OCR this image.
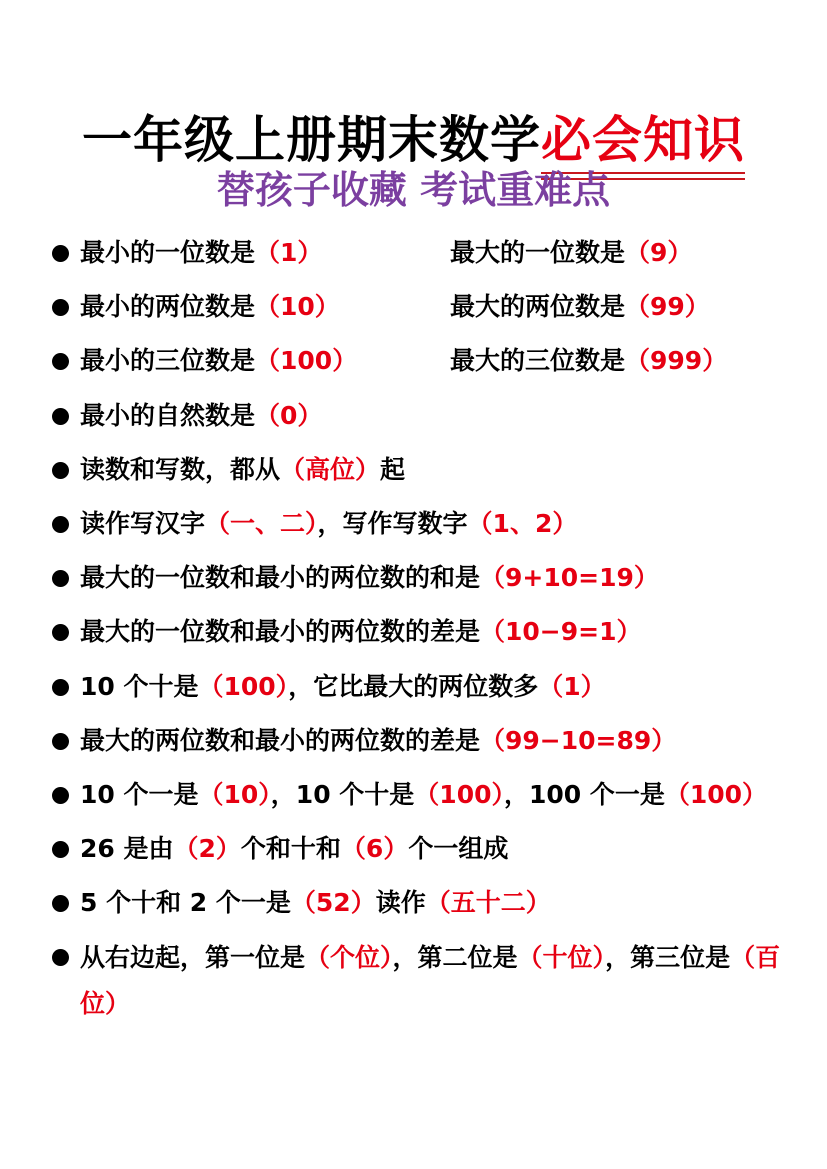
一年级上册期末数学必会知识
替孩子收藏 考试重难点
最小的一位数是（1）	最大的一位数是（9）
最小的两位数是（10）	最大的两位数是（99）
最小的三位数是（100）	最大的三位数是（999）
最小的自然数是（0）
读数和写数，都从（高位）起
读作写汉字（一、二），写作写数字（1、2）
最大的一位数和最小的两位数的和是（9+10=19）
最大的一位数和最小的两位数的差是（10−9=1）
10 个十是（100），它比最大的两位数多（1）
最大的两位数和最小的两位数的差是（99−10=89）
10 个一是（10），10 个十是（100），100 个一是（100）
26 是由（2）个和十和（6）个一组成
5 个十和 2 个一是（52）读作（五十二）
从右边起，第一位是（个位），第二位是（十位），第三位是（百位）
